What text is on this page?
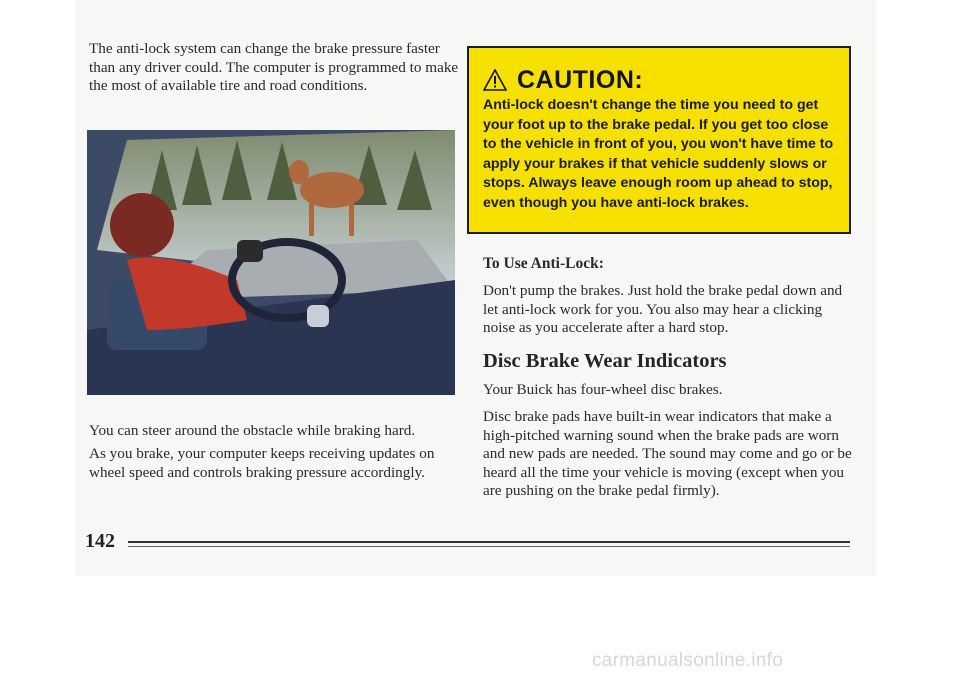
The anti-lock system can change the brake pressure faster than any driver could. The computer is programmed to make the most of available tire and road conditions.

You can steer around the obstacle while braking hard.

As you brake, your computer keeps receiving updates on wheel speed and controls braking pressure accordingly.

CAUTION:

Anti-lock doesn't change the time you need to get your foot up to the brake pedal. If you get too close to the vehicle in front of you, you won't have time to apply your brakes if that vehicle suddenly slows or stops. Always leave enough room up ahead to stop, even though you have anti-lock brakes.

To Use Anti-Lock:

Don't pump the brakes. Just hold the brake pedal down and let anti-lock work for you. You also may hear a clicking noise as you accelerate after a hard stop.

Disc Brake Wear Indicators

Your Buick has four-wheel disc brakes.

Disc brake pads have built-in wear indicators that make a high-pitched warning sound when the brake pads are worn and new pads are needed. The sound may come and go or be heard all the time your vehicle is moving (except when you are pushing on the brake pedal firmly).

142
carmanualsonline.info
